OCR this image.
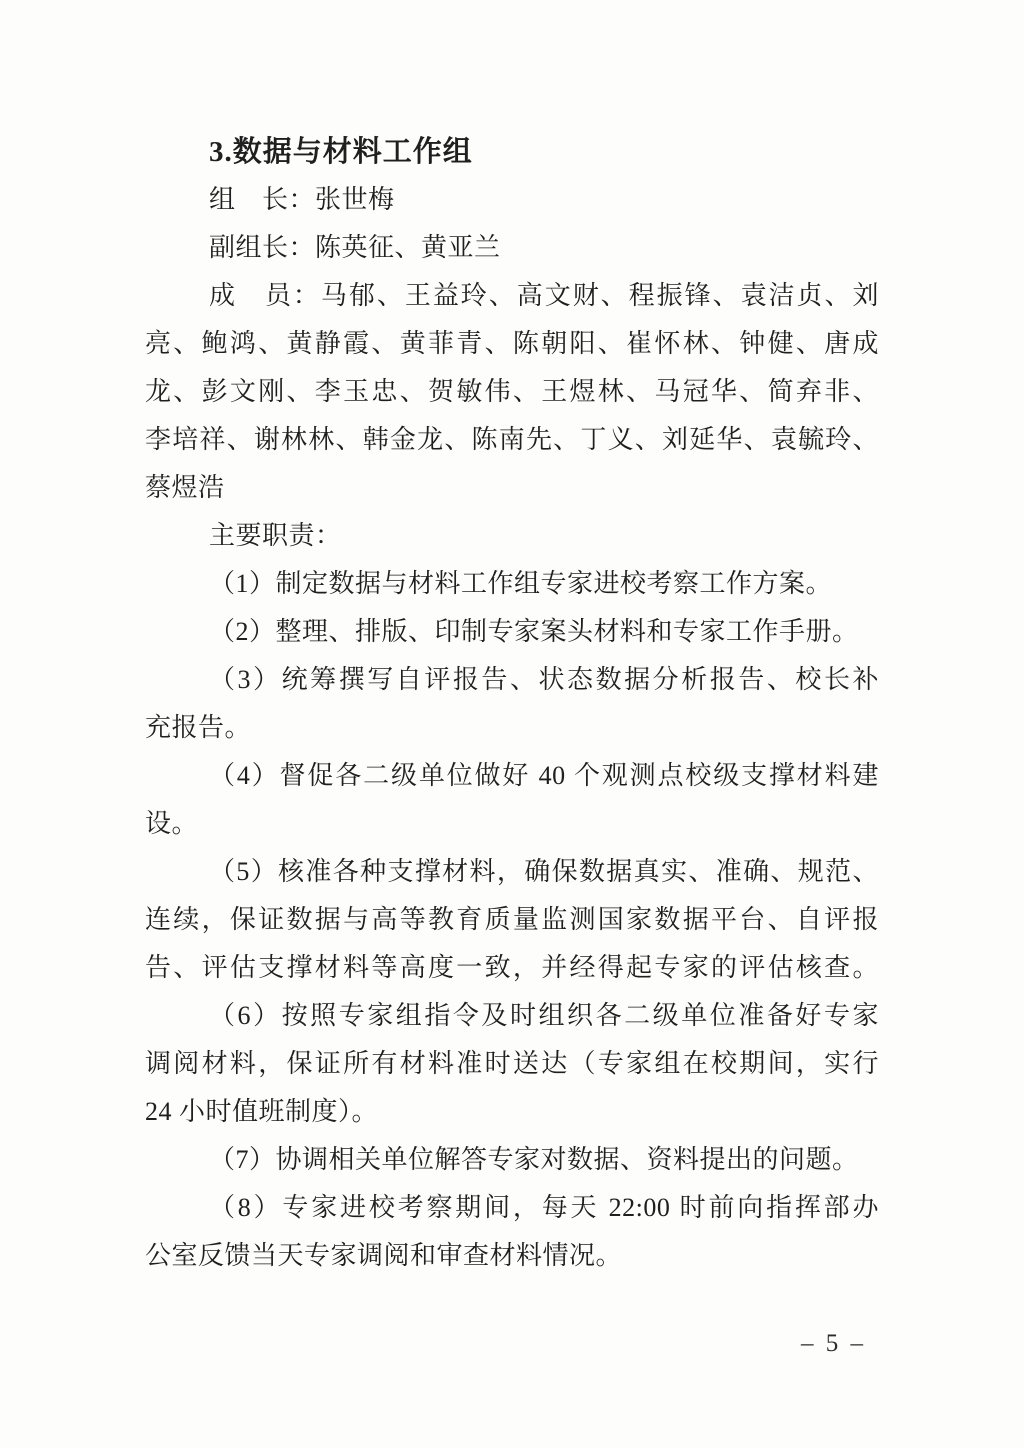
3.数据与材料工作组
组　长：张世梅
副组长：陈英征、黄亚兰
成　员：马郁、王益玲、高文财、程振锋、袁洁贞、刘
亮、鲍鸿、黄静霞、黄菲青、陈朝阳、崔怀林、钟健、唐成
龙、彭文刚、李玉忠、贺敏伟、王煜林、马冠华、简弃非、
李培祥、谢林林、韩金龙、陈南先、丁义、刘延华、袁毓玲、
蔡煜浩
主要职责：
（1）制定数据与材料工作组专家进校考察工作方案。
（2）整理、排版、印制专家案头材料和专家工作手册。
（3）统筹撰写自评报告、状态数据分析报告、校长补
充报告。
（4）督促各二级单位做好 40 个观测点校级支撑材料建
设。
（5）核准各种支撑材料，确保数据真实、准确、规范、
连续，保证数据与高等教育质量监测国家数据平台、自评报
告、评估支撑材料等高度一致，并经得起专家的评估核查。
（6）按照专家组指令及时组织各二级单位准备好专家
调阅材料，保证所有材料准时送达（专家组在校期间，实行
24 小时值班制度）。
（7）协调相关单位解答专家对数据、资料提出的问题。
（8）专家进校考察期间，每天 22:00 时前向指挥部办
公室反馈当天专家调阅和审查材料情况。
– 5 –
